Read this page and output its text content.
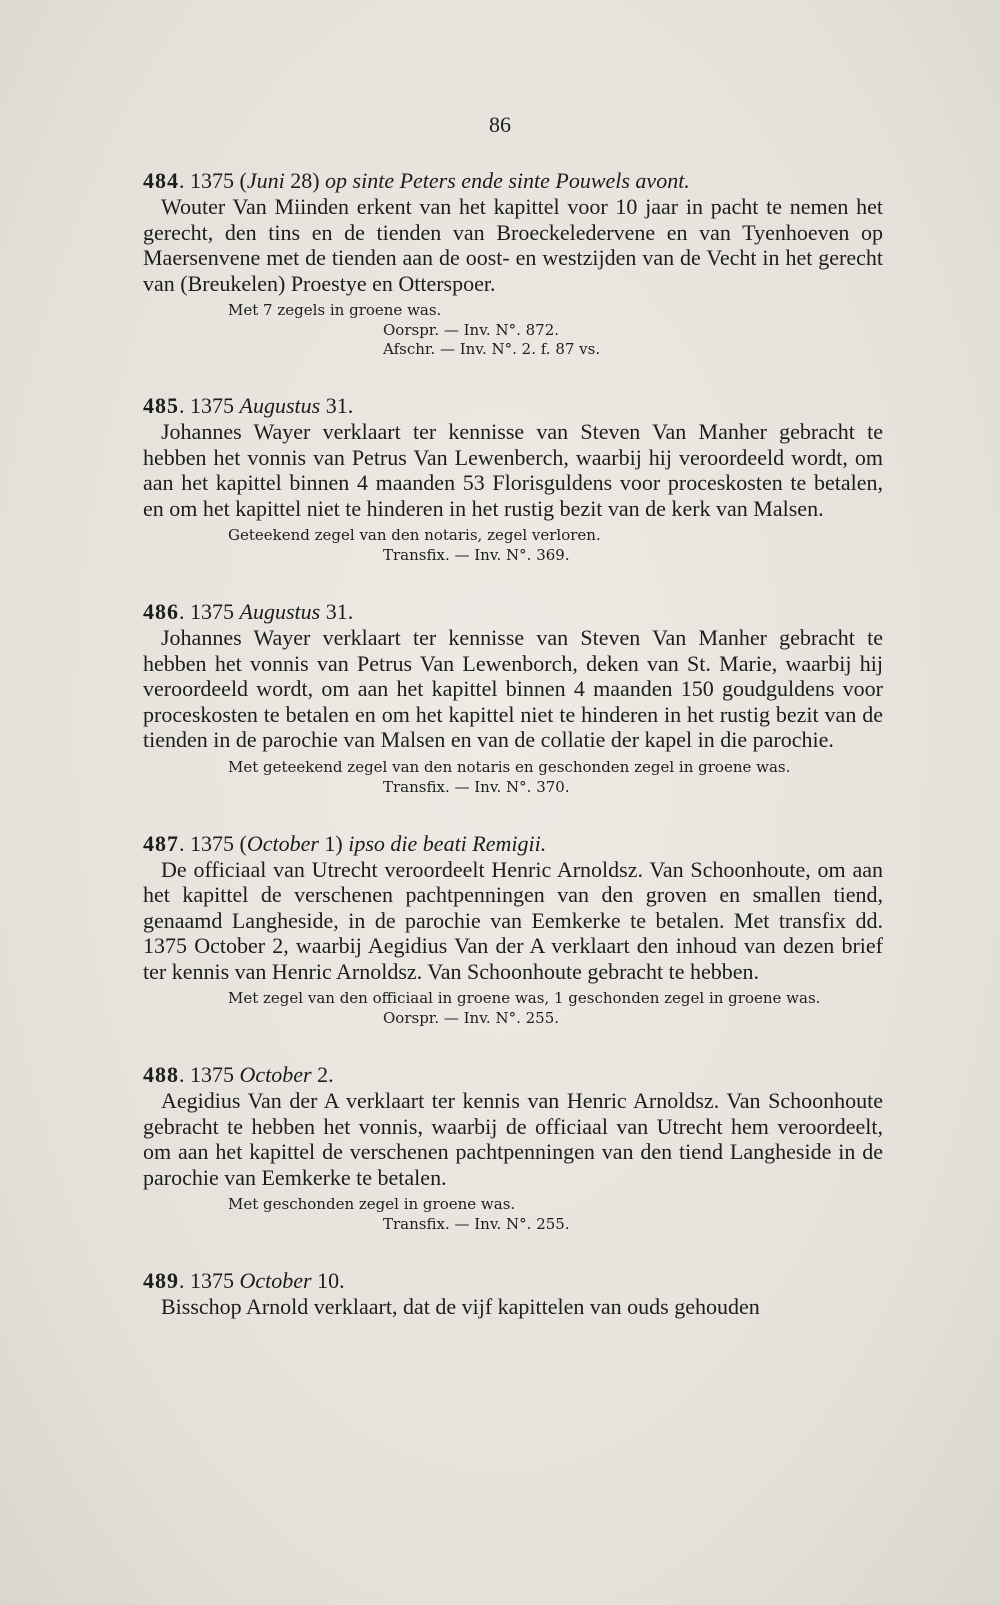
86
484. 1375 (Juni 28) op sinte Peters ende sinte Pouwels avont.

Wouter Van Miinden erkent van het kapittel voor 10 jaar in pacht te nemen het gerecht, den tins en de tienden van Broeckeledervene en van Tyenhoeven op Maersenvene met de tienden aan de oost- en westzijden van de Vecht in het gerecht van (Breukelen) Proestye en Otterspoer.

Met 7 zegels in groene was.
Oorspr. — Inv. N°. 872.
Afschr. — Inv. N°. 2. f. 87 vs.
485. 1375 Augustus 31.

Johannes Wayer verklaart ter kennisse van Steven Van Manher gebracht te hebben het vonnis van Petrus Van Lewenberch, waarbij hij veroordeeld wordt, om aan het kapittel binnen 4 maanden 53 Florisguldens voor proceskosten te betalen, en om het kapittel niet te hinderen in het rustig bezit van de kerk van Malsen.

Geteekend zegel van den notaris, zegel verloren.
Transfix. — Inv. N°. 369.
486. 1375 Augustus 31.

Johannes Wayer verklaart ter kennisse van Steven Van Manher gebracht te hebben het vonnis van Petrus Van Lewenborch, deken van St. Marie, waarbij hij veroordeeld wordt, om aan het kapittel binnen 4 maanden 150 goudguldens voor proceskosten te betalen en om het kapittel niet te hinderen in het rustig bezit van de tienden in de parochie van Malsen en van de collatie der kapel in die parochie.

Met geteekend zegel van den notaris en geschonden zegel in groene was.
Transfix. — Inv. N°. 370.
487. 1375 (October 1) ipso die beati Remigii.

De officiaal van Utrecht veroordeelt Henric Arnoldsz. Van Schoonhoute, om aan het kapittel de verschenen pachtpenningen van den groven en smallen tiend, genaamd Langheside, in de parochie van Eemkerke te betalen. Met transfix dd. 1375 October 2, waarbij Aegidius Van der A verklaart den inhoud van dezen brief ter kennis van Henric Arnoldsz. Van Schoonhoute gebracht te hebben.

Met zegel van den officiaal in groene was, 1 geschonden zegel in groene was.
Oorspr. — Inv. N°. 255.
488. 1375 October 2.

Aegidius Van der A verklaart ter kennis van Henric Arnoldsz. Van Schoonhoute gebracht te hebben het vonnis, waarbij de officiaal van Utrecht hem veroordeelt, om aan het kapittel de verschenen pachtpenningen van den tiend Langheside in de parochie van Eemkerke te betalen.

Met geschonden zegel in groene was.
Transfix. — Inv. N°. 255.
489. 1375 October 10.

Bisschop Arnold verklaart, dat de vijf kapittelen van ouds gehouden
